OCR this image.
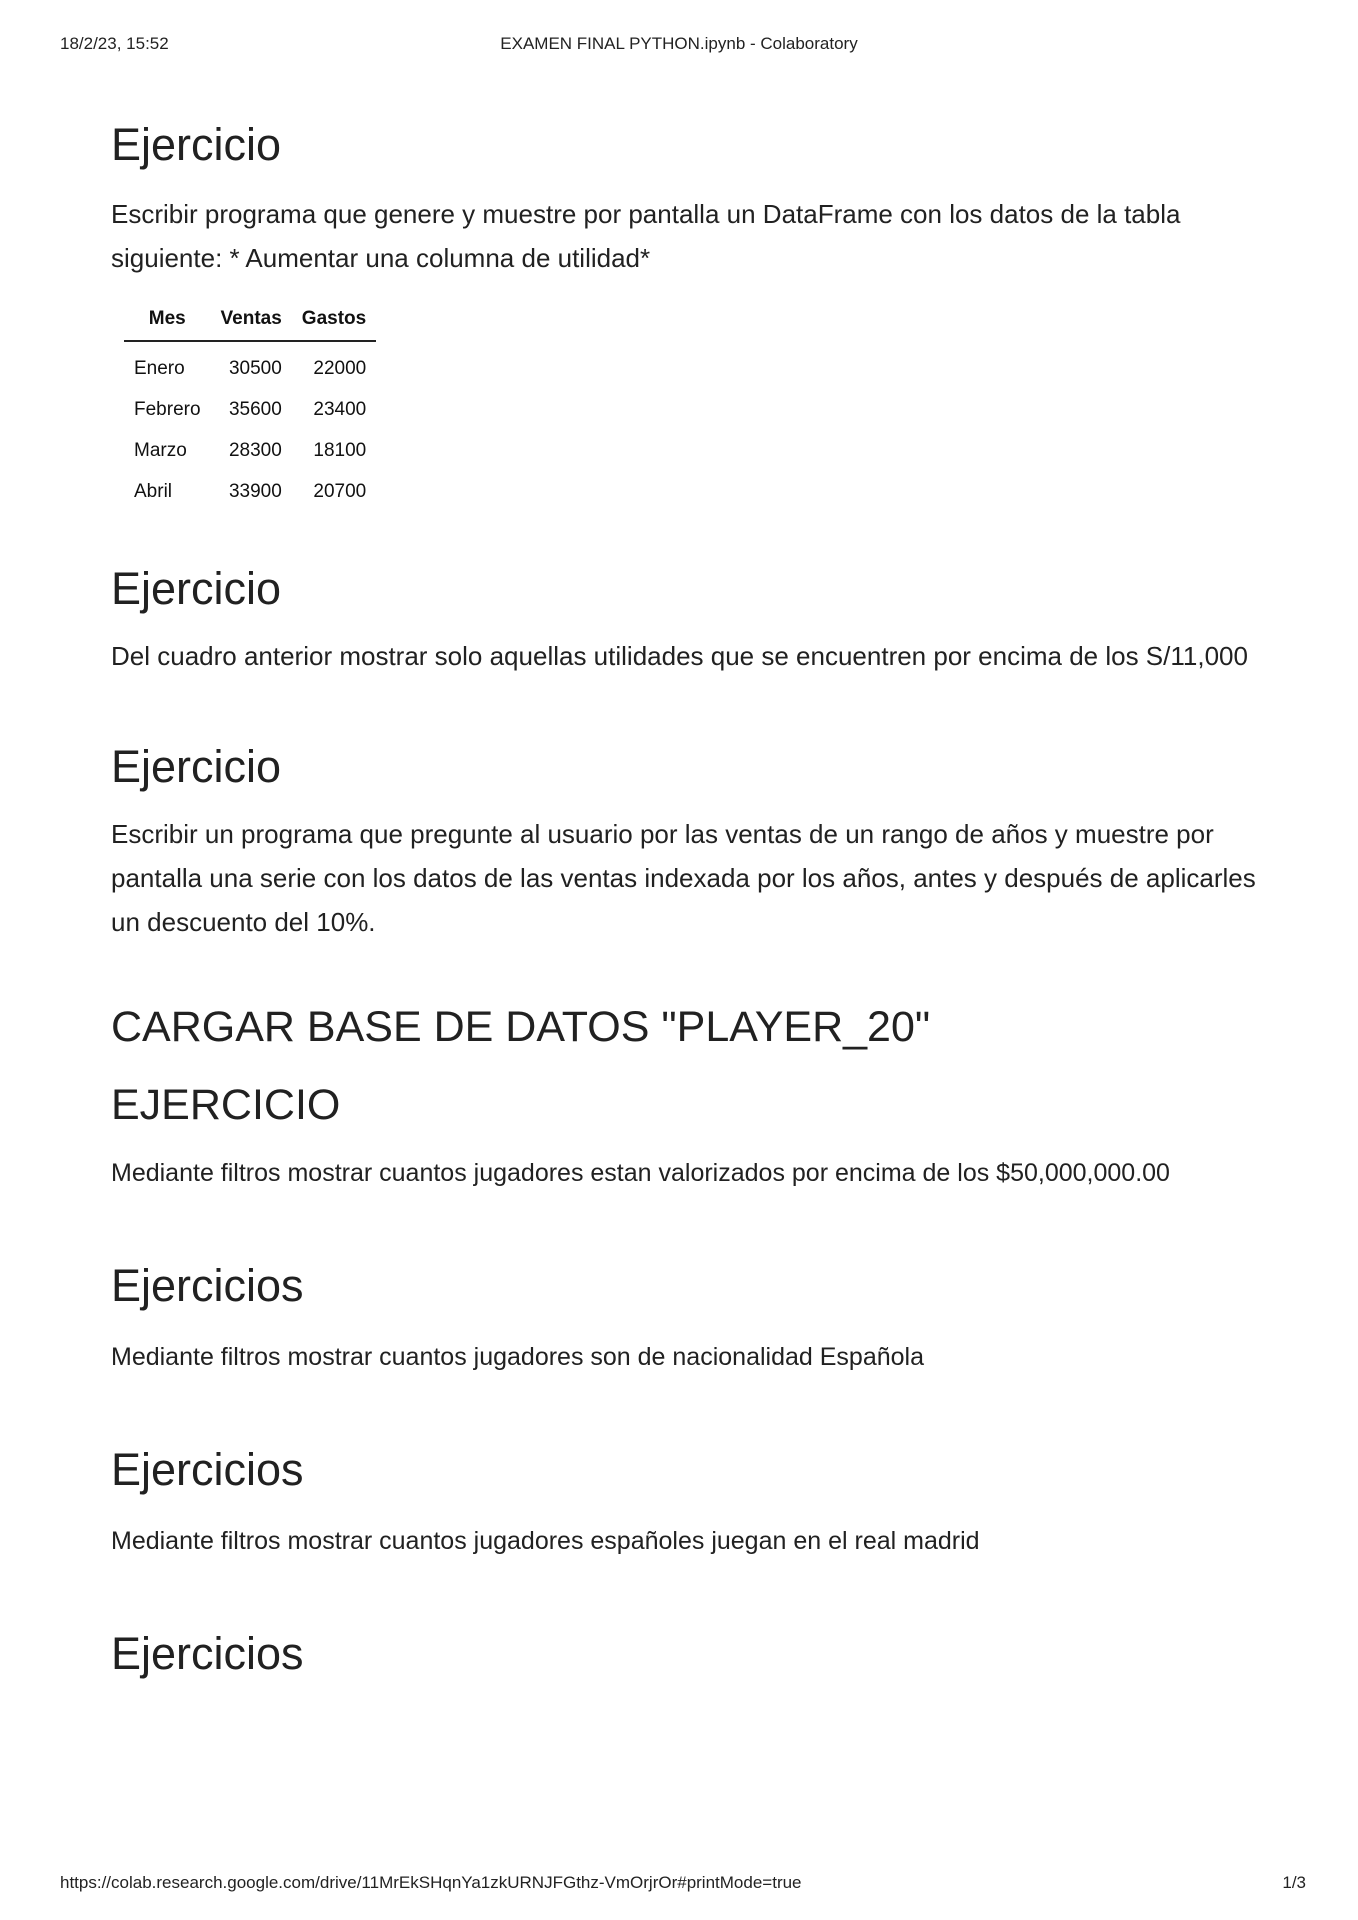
18/2/23, 15:52	EXAMEN FINAL PYTHON.ipynb - Colaboratory
Ejercicio

Escribir programa que genere y muestre por pantalla un DataFrame con los datos de la tabla siguiente: * Aumentar una columna de utilidad*

Mes	Ventas	Gastos
Enero	30500	22000
Febrero	35600	23400
Marzo	28300	18100
Abril	33900	20700
Ejercicio

Del cuadro anterior mostrar solo aquellas utilidades que se encuentren por encima de los S/11,000

Ejercicio

Escribir un programa que pregunte al usuario por las ventas de un rango de años y muestre por pantalla una serie con los datos de las ventas indexada por los años, antes y después de aplicarles un descuento del 10%.

CARGAR BASE DE DATOS "PLAYER_20"
EJERCICIO

Mediante filtros mostrar cuantos jugadores estan valorizados por encima de los $50,000,000.00

Ejercicios

Mediante filtros mostrar cuantos jugadores son de nacionalidad Española

Ejercicios

Mediante filtros mostrar cuantos jugadores españoles juegan en el real madrid

Ejercicios
https://colab.research.google.com/drive/11MrEkSHqnYa1zkURNJFGthz-VmOrjrOr#printMode=true	1/3
